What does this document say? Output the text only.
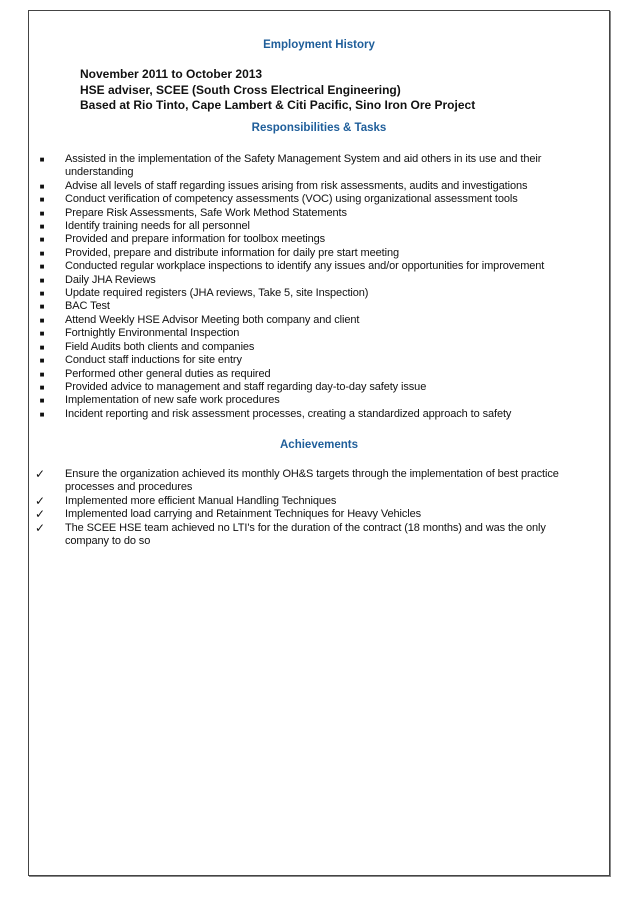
Employment History
November 2011 to October 2013
HSE adviser, SCEE (South Cross Electrical Engineering)
Based at Rio Tinto, Cape Lambert & Citi Pacific, Sino Iron Ore Project
Responsibilities & Tasks
■	Assisted in the implementation of the Safety Management System and aid others in its use and their understanding
■	Advise all levels of staff regarding issues arising from risk assessments, audits and investigations
■	Conduct verification of competency assessments (VOC) using organizational assessment tools
■	Prepare Risk Assessments, Safe Work Method Statements
■	Identify training needs for all personnel
■	Provided and prepare information for toolbox meetings
■	Provided, prepare and distribute information for daily pre start meeting
■	Conducted regular workplace inspections to identify any issues and/or opportunities for improvement
■	Daily JHA Reviews
■	Update required registers (JHA reviews, Take 5, site Inspection)
■	BAC Test
■	Attend Weekly HSE Advisor Meeting both company and client
■	Fortnightly Environmental Inspection
■	Field Audits both clients and companies
■	Conduct staff inductions for site entry
■	Performed other general duties as required
■	Provided advice to management and staff regarding day-to-day safety issue
■	Implementation of new safe work procedures
■	Incident reporting and risk assessment processes, creating a standardized approach to safety
Achievements
✓ Ensure the organization achieved its monthly OH&S targets through the implementation of best practice processes and procedures
✓ Implemented more efficient Manual Handling Techniques
✓ Implemented load carrying and Retainment Techniques for Heavy Vehicles
✓ The SCEE HSE team achieved no LTI's for the duration of the contract (18 months) and was the only company to do so
